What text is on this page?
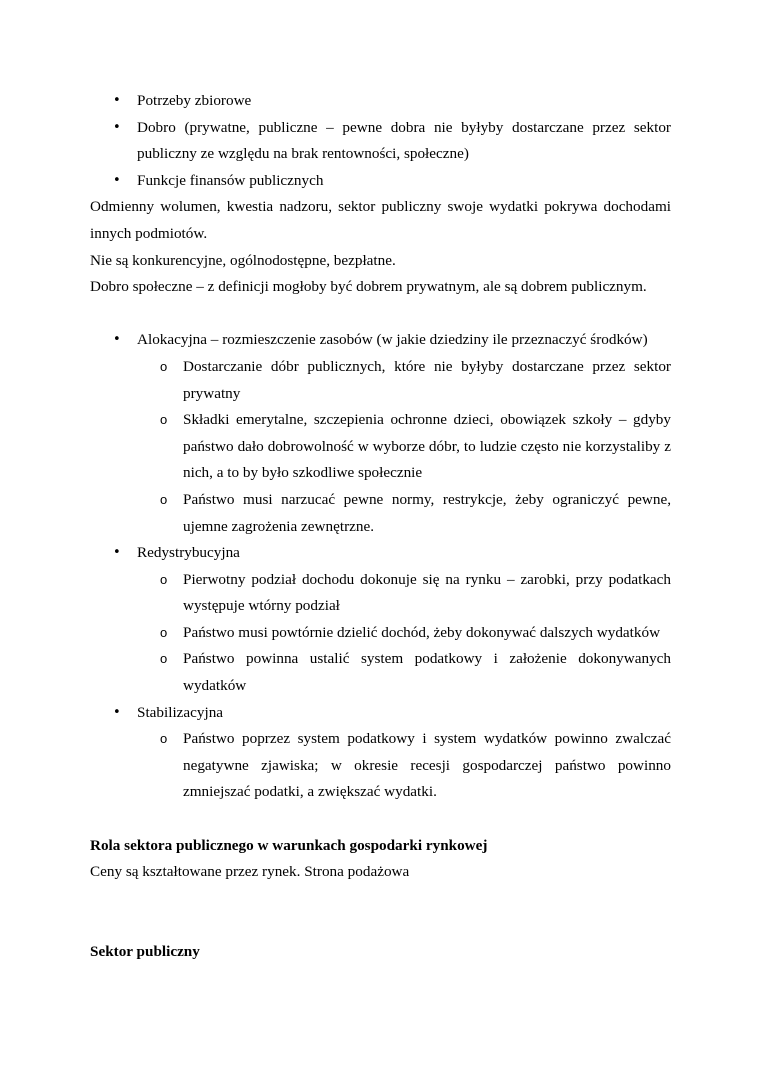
• Potrzeby zbiorowe
• Dobro (prywatne, publiczne – pewne dobra nie byłyby dostarczane przez sektor publiczny ze względu na brak rentowności, społeczne)
• Funkcje finansów publicznych

Odmienny wolumen, kwestia nadzoru, sektor publiczny swoje wydatki pokrywa dochodami innych podmiotów.

Nie są konkurencyjne, ogólnodostępne, bezpłatne.

Dobro społeczne – z definicji mogłoby być dobrem prywatnym, ale są dobrem publicznym.

• Alokacyjna – rozmieszczenie zasobów (w jakie dziedziny ile przeznaczyć środków)
o Dostarczanie dóbr publicznych, które nie byłyby dostarczane przez sektor prywatny
o Składki emerytalne, szczepienia ochronne dzieci, obowiązek szkoły – gdyby państwo dało dobrowolność w wyborze dóbr, to ludzie często nie korzystaliby z nich, a to by było szkodliwe społecznie
o Państwo musi narzucać pewne normy, restrykcje, żeby ograniczyć pewne, ujemne zagrożenia zewnętrzne.
• Redystrybucyjna
o Pierwotny podział dochodu dokonuje się na rynku – zarobki, przy podatkach występuje wtórny podział
o Państwo musi powtórnie dzielić dochód, żeby dokonywać dalszych wydatków
o Państwo powinna ustalić system podatkowy i założenie dokonywanych wydatków
• Stabilizacyjna
o Państwo poprzez system podatkowy i system wydatków powinno zwalczać negatywne zjawiska; w okresie recesji gospodarczej państwo powinno zmniejszać podatki, a zwiększać wydatki.

Rola sektora publicznego w warunkach gospodarki rynkowej

Ceny są kształtowane przez rynek. Strona podażowa

Sektor publiczny
